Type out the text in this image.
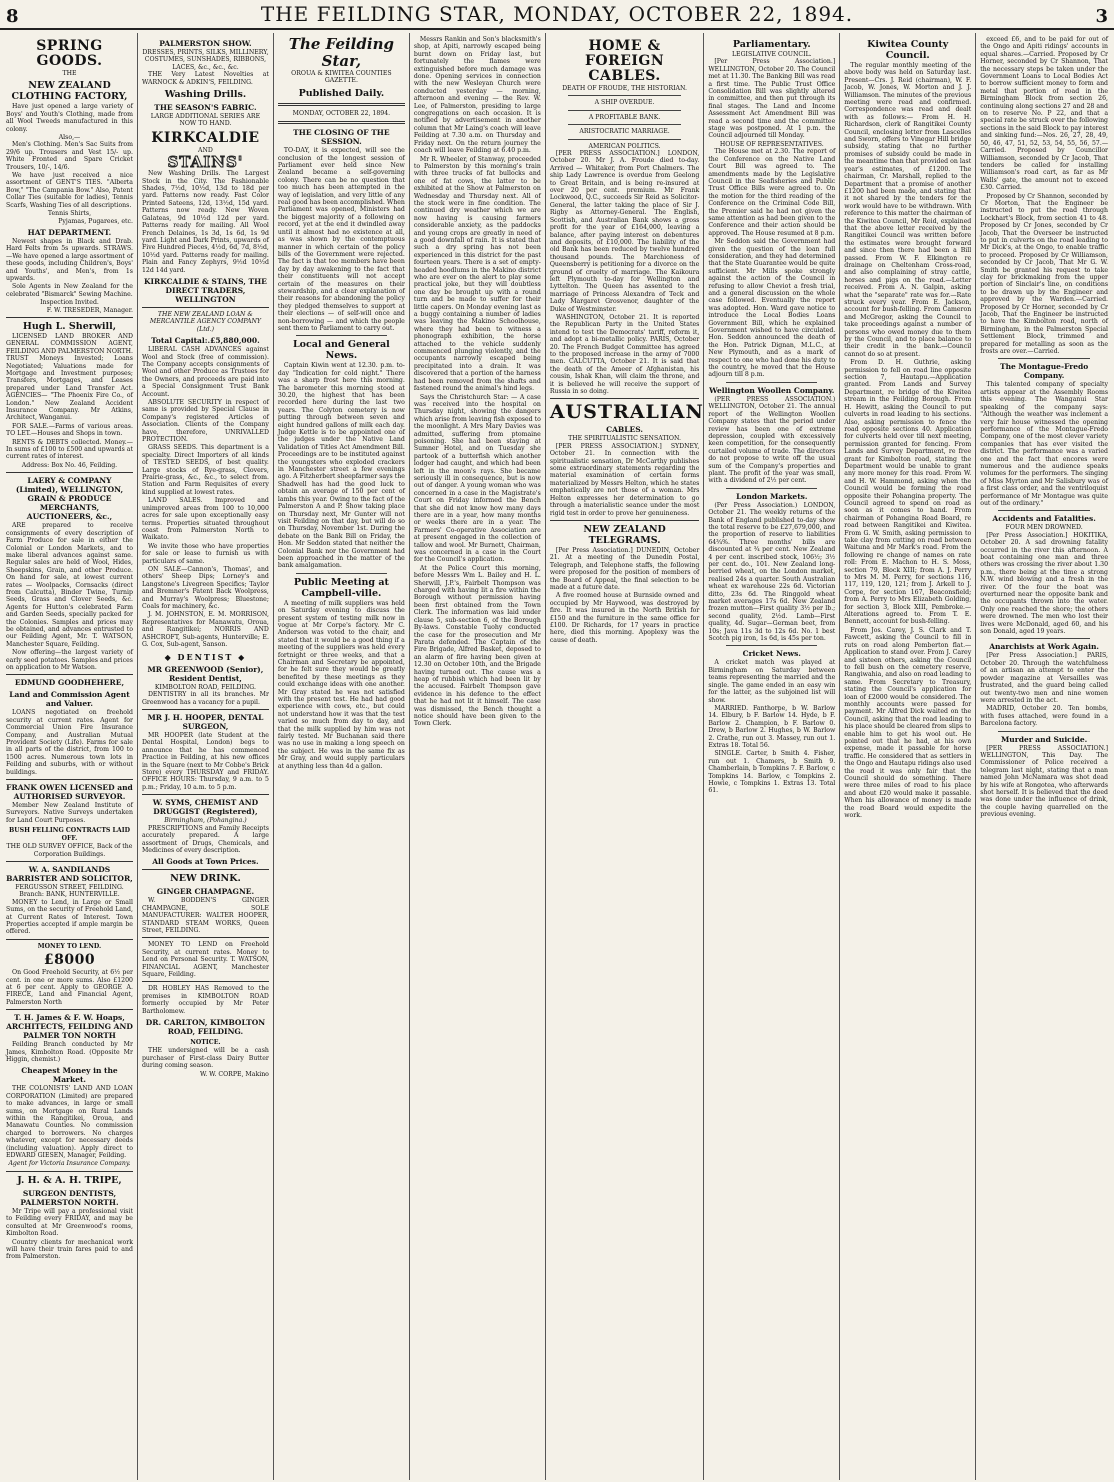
8	THE FEILDING STAR, MONDAY, OCTOBER 22, 1894.	3
SPRING GOODS.
THE
NEW ZEALAND CLOTHING FACTORY,

Have just opened a large variety of Boys' and Youth's Clothing, made from all Wool Tweeds manufactured in this colony.

Also,—

Men's Clothing. Men's Sac Suits from 29/6 up. Trousers and Vest 15/- up. White Fronted and Spare Cricket Trousers, 10/-, 14/6.

We have just received a nice assortment of GENT'S TIES. "Alberta Bow," "The Campania Bow." Also, Patent Collar Ties (suitable for ladies), Tennis Scarfs, Washing Ties of all descriptions.

Tennis Shirts,
Pyjamas, Pugarees, etc.
HAT DEPARTMENT.

Newest shapes in Black and Drab. Hard Felts from 5s upwards. STRAWS.—We have opened a large assortment of these goods, including Children's, Boys' and Youths', and Men's, from 1s upwards.

Sole Agents in New Zealand for the celebrated "Bismarck" Sewing Machine.

Inspection Invited.
F. W. TRESEDER, Manager.
Hugh L. Sherwill,

LICENSED LAND BROKER AND GENERAL COMMISSION AGENT, FEILDING AND PALMERSTON NORTH. TRUST Moneys Invested; Loans Negotiated; Valuations made for Mortgage and Investment purposes; Transfers, Mortgages, and Leases prepared under Land Transfer Act. AGENCIES— "The Phoenix Fire Co., of London." New Zealand Accident Insurance Company. Mr Atkins, Architect, Wanganui.

FOR SALE.—Farms of various areas. TO LET.—Houses and Shops in town.

RENTS & DEBTS collected. Money.—In sums of £100 to £500 and upwards at current rates of interest.

Address: Box No. 46, Feilding.
LAERY & COMPANY (Limited), WELLINGTON, GRAIN & PRODUCE MERCHANTS, AUCTIONEERS, &c.,

ARE prepared to receive consignments of every description of Farm Produce for sale in either the Colonial or London Markets, and to make liberal advances against same. Regular sales are held of Wool, Hides, Sheepskins, Grain, and other Produce. On hand for sale, at lowest current rates — Woolpacks, Cornsacks (direct from Calcutta), Binder Twine, Turnip Seeds, Grass and Clover Seeds, &c. Agents for Hutton's celebrated Farm and Garden Seeds, specially packed for the Colonies. Samples and prices may be obtained, and advances entrusted to our Feilding Agent, Mr. T. WATSON, Manchester Square, Feilding.

Now offering—the largest variety of early seed potatoes. Samples and prices on application to Mr Watson.

EDMUND GOODHEHERE,
Land and Commission Agent and Valuer.

LOANS negotiated on freehold security at current rates. Agent for Commercial Union Fire Insurance Company, and Australian Mutual Provident Society (Life). Farms for sale in all parts of the district, from 100 to 1500 acres. Numerous town lots in Feilding and suburbs, with or without buildings.

FRANK OWEN LICENSED and AUTHORISED SURVEYOR.

Member New Zealand Institute of Surveyors. Native Surveys undertaken for Land Court Purposes.

BUSH FELLING CONTRACTS LAID OFF.
THE OLD SURVEY OFFICE, Back of the Corporation Buildings.
W. A. SANDILANDS BARRISTER AND SOLICITOR,
FERGUSSON STREET, FEILDING. Branch: BANK, HUNTERVILLE.

MONEY to Lend, in Large or Small Sums, on the security of Freehold Land, at Current Rates of Interest. Town Properties accepted if ample margin be offered.

MONEY TO LEND.
£8000

On Good Freehold Security, at 6½ per cent. in one or more sums. Also £1200 at 6 per cent. Apply to GEORGE A. FIRECE, Land and Financial Agent, Palmerston North

T. H. James & F. W. Hoaps, ARCHITECTS, FEILDING AND PALMER TON NORTH

Feilding Branch conducted by Mr James, Kimbolton Road. (Opposite Mr Higgin, chemist.)

Cheapest Money in the Market.

THE COLONISTS' LAND AND LOAN CORPORATION (Limited) are prepared to make advances, in large or small sums, on Mortgage on Rural Lands within the Rangitikei, Oroua, and Manawatu Counties. No commission charged to borrowers. No charges whatever, except for necessary deeds (including valuation). Apply direct to EDWARD GIESEN, Manager, Feilding.

Agent for Victoria Insurance Company.
J. H. & A. H. TRIPE,
SURGEON DENTISTS, PALMERSTON NORTH.

Mr Tripe will pay a professional visit to Feilding every FRIDAY, and may be consulted at Mr Greenwood's rooms, Kimbolton Road.

Country clients for mechanical work will have their train fares paid to and from Palmerston.

PALMERSTON SHOW.
DRESSES, PRINTS, SILKS, MILLINERY, COSTUMES, SUNSHADES, RIBBONS, LACES, &c., &c., &c.

THE Very Latest Novelties at WARNOCK & ADKIN'S, FEILDING.

Washing Drills.
THE SEASON'S FABRIC.
LARGE ADDITIONAL SERIES ARE NOW TO HAND.
KIRKCALDIE
AND
STAINS'

New Washing Drills. The Largest Stock in the City. The Fashionable Shades, 7½d, 10½d, 13d to 18d per yard. Patterns now ready. Fast Color Printed Sateens, 12d, 13½d, 15d yard. Patterns now ready. New Woven Galateas, 9d 10½d 12d per yard. Patterns ready for mailing. All Wool French Delaines, 1s 3d, 1s 6d, 1s 9d yard. Light and Dark Prints, upwards of Five Hundred Pieces, 4½d, 6d, 7d, 8½d, 10½d yard. Patterns ready for mailing. Plain and Fancy Zephyrs, 9½d 10½d 12d 14d yard.

KIRKCALDIE & STAINS, THE DIRECT TRADERS, WELLINGTON
THE NEW ZEALAND LOAN & MERCANTILE AGENCY COMPANY (Ltd.)
Total Capital:.£5,880,000.

LIBERAL CASH ADVANCES against Wool and Stock (free of commission). The Company accepts consignments of Wool and other Produce as Trustees for the Owners, and proceeds are paid into a Special Consignment Trust Bank Account.

ABSOLUTE SECURITY in respect of same is provided by Special Clause in Company's registered Articles of Association. Clients of the Company have, therefore, UNRIVALLED PROTECTION.

GRASS SEEDS. This department is a specialty. Direct Importers of all kinds of TESTED SEEDS, of best quality. Large stocks of Rye-grass, Clovers, Prairie-grass, &c., &c., to select from. Station and Farm Requisites of every kind supplied at lowest rates.

LAND SALES. Improved and unimproved areas from 100 to 10,000 acres for sale upon exceptionally easy terms. Properties situated throughout coast from Palmerston North to Waikato.

We invite those who have properties for sale or lease to furnish us with particulars of same.

ON SALE—Cannon's, Thomas', and others' Sheep Dips; Lorney's and Langstone's Livegreen Specifics; Taylor and Bremner's Patent Back Woolpress, and Murray's Woolpress; Bluestone; Coals for machinery, &c.

J. M. JOHNSTON, E. M. MORRISON, Representatives for Manawatu, Oroua, and Rangitikei; NORRIS AND ASHCROFT, Sub-agents, Hunterville; E. G. Cox, Sub-agent, Sanson.

◆ DENTIST ◆
MR GREENWOOD (Senior), Resident Dentist,
KIMBOLTON ROAD, FEILDING.

DENTISTRY in all its branches. Mr Greenwood has a vacancy for a pupil.

MR J. H. HOOPER, DENTAL SURGEON,

MR HOOPER (late Student at the Dental Hospital, London) begs to announce that he has commenced Practice in Feilding, at his new offices in the Square (next to Mr Cobbe's Brick Store) every THURSDAY and FRIDAY. OFFICE HOURS: Thursday, 9 a.m. to 5 p.m.; Friday, 10 a.m. to 5 p.m.

W. SYMS, CHEMIST AND DRUGGIST (Registered),
Birmingham, (Pohangina.)

PRESCRIPTIONS and Family Receipts accurately prepared. A large assortment of Drugs, Chemicals, and Medicines of every description.

All Goods at Town Prices.
NEW DRINK.
GINGER CHAMPAGNE.

W. BODDEN'S GINGER CHAMPAGNE, SOLE MANUFACTURER: WALTER HOOPER, STANDARD STEAM WORKS, Queen Street, FEILDING.

MONEY TO LEND on Freehold Security, at current rates. Money to Lend on Personal Security. T. WATSON, FINANCIAL AGENT, Manchester Square, Feilding.

DR HOBLEY HAS Removed to the premises in KIMBOLTON ROAD formerly occupied by Mr Peter Bartholomew.

DR. CARLTON, KIMBOLTON ROAD, FEILDING.
NOTICE.

THE undersigned will be a cash purchaser of First-class Dairy Butter during coming season.

W. W. CORPE, Makino
The Feilding Star,
OROUA & KIWITEA COUNTIES GAZETTE.
Published Daily.
MONDAY, OCTOBER 22, 1894.
THE CLOSING OF THE SESSION.

TO-DAY, it is expected, will see the conclusion of the longest session of Parliament ever held since New Zealand became a self-governing colony. There can be no question that too much has been attempted in the way of legislation, and very little of any real good has been accomplished. When Parliament was opened, Ministers had the biggest majority of a following on record, yet at the end it dwindled away until it almost had no existence at all, as was shown by the contemptuous manner in which certain of the policy bills of the Government were rejected. The fact is that too members have been day by day awakening to the fact that their constituents will not accept certain of the measures on their stewardship, and a clear explanation of their reasons for abandoning the policy they pledged themselves to support at their elections — of self-will once and non-borrowing — and which the people sent them to Parliament to carry out.

Local and General News.

Captain Kiwin went at 12.30. p.m. to-day "Indication for cold night." There was a sharp frost here this morning. The barometer this morning stood at 30.20, the highest that has been recorded here during the last two years. The Colyton cemetery is now putting through between seven and eight hundred gallons of milk each day. Judge Kettle is to be appointed one of the judges under the Native Land Validation of Titles Act Amendment Bill. Proceedings are to be instituted against the youngsters who exploded crackers in Manchester street a few evenings ago. A Fitzherbert sheepfarmer says the Shadwell has had the good luck to obtain an average of 150 per cent of lambs this year. Owing to the fact of the Palmerston A and P. Show taking place on Thursday next, Mr Gunter will not visit Feilding on that day, but will do so on Thursday, November 1st. During the debate on the Bank Bill on Friday, the Hon. Mr Seddon stated that neither the Colonial Bank nor the Government had been approached in the matter of the bank amalgamation.

Public Meeting at Campbell-ville.

A meeting of milk suppliers was held on Saturday evening to discuss the present system of testing milk now in vogue at Mr Corpe's factory. Mr C. Anderson was voted to the chair, and stated that it would be a good thing if a meeting of the suppliers was held every fortnight or three weeks, and that a Chairman and Secretary be appointed, for he felt sure they would be greatly benefited by these meetings as they could exchange ideas with one another. Mr Gray stated he was not satisfied with the present test. He had had good experience with cows, etc., but could not understand how it was that the test varied so much from day to day, and that the milk supplied by him was not fairly tested. Mr Buchanan said there was no use in making a long speech on the subject. He was in the same fix as Mr Gray, and would supply particulars at anything less than 4d a gallon.

Messrs Rankin and Son's blacksmith's shop, at Apiti, narrowly escaped being burnt down on Friday last, but fortunately the flames were extinguished before much damage was done. Opening services in connection with the new Wesleyan Church were conducted yesterday — morning, afternoon and evening — the Rev. W. Lee, of Palmerston, presiding to large congregations on each occasion. It is notified by advertisement in another column that Mr Laing's coach will leave Feilding at 7.30 a.m. on Thursday and Friday next. On the return journey the coach will leave Feilding at 6.40 p.m.

Mr R. Wheeler, of Stanway, proceeded to Palmerston by this morning's train with three trucks of fat bullocks and one of fat cows, the latter to be exhibited at the Show at Palmerston on Wednesday and Thursday next. All of the stock were in fine condition. The continued dry weather which we are now having is causing farmers considerable anxiety, as the paddocks and young crops are greatly in need of a good downfall of rain. It is stated that such a dry spring has not been experienced in this district for the past fourteen years. There is a set of empty-headed hoodlums in the Makino district who are ever on the alert to play some practical joke, but they will doubtless one day be brought up with a round turn and be made to suffer for their little capers. On Monday evening last as a buggy containing a number of ladies was leaving the Makino Schoolhouse, where they had been to witness a phonograph exhibition, the horse attached to the vehicle suddenly commenced plunging violently, and the occupants narrowly escaped being precipitated into a drain. It was discovered that a portion of the harness had been removed from the shafts and fastened round the animal's hind legs.

Says the Christchurch Star: — A case was received into the hospital on Thursday night, showing the dangers which arise from leaving fish exposed to the moonlight. A Mrs Mary Davies was admitted, suffering from ptomaine poisoning. She had been staying at Sumner Hotel, and on Tuesday she partook of a butterfish which another lodger had caught, and which had been left in the moon's rays. She became seriously ill in consequence, but is now out of danger. A young woman who was concerned in a case in the Magistrate's Court on Friday informed the Bench that she did not know how many days there are in a year, how many months or weeks there are in a year. The Farmers' Co-operative Association are at present engaged in the collection of tallow and wool. Mr Burnett, Chairman, was concerned in a case in the Court for the Council's application.

At the Police Court this morning, before Messrs Wm L. Bailey and H. L. Sherwill, J.P.'s, Fairbelt Thompson was charged with having lit a fire within the Borough without permission having been first obtained from the Town Clerk. The information was laid under clause 5, sub-section 6, of the Borough By-laws. Constable Tuohy conducted the case for the prosecution and Mr Parata defended. The Captain of the Fire Brigade, Alfred Basket, deposed to an alarm of fire having been given at 12.30 on October 10th, and the Brigade having turned out. The cause was a heap of rubbish which had been lit by the accused. Fairbelt Thompson gave evidence in his defence to the effect that he had not lit it himself. The case was dismissed, the Bench thought a notice should have been given to the Town Clerk.

HOME & FOREIGN CABLES.
DEATH OF FROUDE, THE HISTORIAN.
A SHIP OVERDUE.
A PROFITABLE BANK.
ARISTOCRATIC MARRIAGE.
AMERICAN POLITICS.

[PER PRESS ASSOCIATION.] LONDON, October 20. Mr J. A. Froude died to-day. Arrived — Whitaker, from Port Chalmers. The ship Lady Lawrence is overdue from Geelong to Great Britain, and is being re-insured at over 20 per cent. premium. Mr Frank Lockwood, Q.C., succeeds Sir Reid as Solicitor-General, the latter taking the place of Sir J. Rigby as Attorney-General. The English, Scottish, and Australian Bank shows a gross profit for the year of £164,000, leaving a balance, after paying interest on debentures and deposits, of £10,000. The liability of the old Bank has been reduced by twelve hundred thousand pounds. The Marchioness of Queensberry is petitioning for a divorce on the ground of cruelty of marriage. The Kaikoura left Plymouth to-day for Wellington and Lyttelton. The Queen has assented to the marriage of Princess Alexandra of Teck and Lady Margaret Grosvenor, daughter of the Duke of Westminster.

WASHINGTON, October 21. It is reported the Republican Party in the United States intend to test the Democrats' tariff, reform it, and adopt a bi-metallic policy. PARIS, October 20. The French Budget Committee has agreed to the proposed increase in the army of 7000 men. CALCUTTA, October 21. It is said that the death of the Ameer of Afghanistan, his cousin, Ishak Khan, will claim the throne, and it is believed he will receive the support of Russia in so doing.

AUSTRALIAN
CABLES.
THE SPIRITUALISTIC SENSATION.

[PER PRESS ASSOCIATION.] SYDNEY, October 21. In connection with the spiritualistic sensation, Dr McCarthy publishes some extraordinary statements regarding the material examination of certain forms materialized by Messrs Helton, which he states emphatically are not those of a woman. Mrs Helton expresses her determination to go through a materialistic seance under the most rigid test in order to prove her genuineness.

NEW ZEALAND TELEGRAMS.

[Per Press Association.] DUNEDIN, October 21. At a meeting of the Dunedin Postal, Telegraph, and Telephone staffs, the following were proposed for the position of members of the Board of Appeal, the final selection to be made at a future date.

A five roomed house at Burnside owned and occupied by Mr Haywood, was destroyed by fire. It was insured in the North British for £150 and the furniture in the same office for £100. Dr Richards, for 17 years in practice here, died this morning. Apoplexy was the cause of death.

Parliamentary.
LEGISLATIVE COUNCIL.

[Per Press Association.] WELLINGTON, October 20. The Council met at 11.30. The Banking Bill was read a first time. The Public Trust Office Consolidation Bill was slightly altered in committee, and then put through its final stages. The Land and Income Assessment Act Amendment Bill was read a second time and the committee stage was postponed. At 1 p.m. the Council adjourned till Monday.

HOUSE OF REPRESENTATIVES.

The House met at 2.30. The report of the Conference on the Native Land Court Bill was agreed to. The amendments made by the Legislative Council in the Seafisheries and Public Trust Office Bills were agreed to. On the motion for the third reading of the Conference on the Criminal Code Bill, the Premier said he had not given the same attention as had been given to the Conference and their action should be approved. The House resumed at 8 p.m.

Mr Seddon said the Government had given the question of the loan full consideration, and they had determined that the State Guarantee would be quite sufficient. Mr Mills spoke strongly against the action of the Council in refusing to allow Cheviot a fresh trial, and a general discussion on the whole case followed. Eventually the report was adopted. Hon. Ward gave notice to introduce the Local Bodies Loans Government Bill, which he explained Government wished to have circulated. Hon. Seddon announced the death of the Hon. Patrick Dignan, M.L.C., at New Plymouth, and as a mark of respect to one who had done his duty to the country, he moved that the House adjourn till 8 p.m.

Wellington Woollen Company.

(PER PRESS ASSOCIATION.) WELLINGTON, October 21. The annual report of the Wellington Woollen Company states that the period under review has been one of extreme depression, coupled with excessively keen competition, for the consequently curtailed volume of trade. The directors do not propose to write off the usual sum of the Company's properties and plant. The profit of the year was small, with a dividend of 2½ per cent.

London Markets.

(Per Press Association.) LONDON, October 21. The weekly returns of the Bank of England published to-day show the total reserve to be £27,679,000, and the proportion of reserve to liabilities 64¾%. Three months' bills are discounted at ¾ per cent. New Zealand 4 per cent. inscribed stock, 106½; 3½ per cent. do., 101. New Zealand long-berried wheat, on the London market, realised 24s a quarter. South Australian wheat ex warehouse 22s 6d. Victorian ditto, 23s 6d. The Ringgold wheat market averages 17s 6d. New Zealand frozen mutton—First quality 3½ per lb.; second quality, 2½d. Lamb—First quality, 4d. Sugar—German beet, from 10s; Java 11s 3d to 12s 6d. No. 1 best Scotch pig iron, 1s 6d, is 45s per ton.

Cricket News.

A cricket match was played at Birmingham on Saturday between teams representing the married and the single. The game ended in an easy win for the latter, as the subjoined list will show.

MARRIED. Fanthorpe, b W. Barlow 14. Elbury, b F. Barlow 14. Hyde, b F. Barlow 2. Champion, b F. Barlow 0. Drew, b Barlow 2. Hughes, b W. Barlow 2. Crathe, run out 3. Massey, run out 1. Extras 18. Total 56.

SINGLE. Carter, b Smith 4. Fisher, run out 1. Chamers, b Smith 9. Chamberlain, b Tompkins 7. F. Barlow, c Tompkins 14. Barlow, c Tompkins 2. Howie, c Tompkins 1. Extras 13. Total 61.

Kiwitea County Council.

The regular monthly meeting of the above body was held on Saturday last. Present—Crs. J. Reid (chairman), W. F. Jacob, W. Jones, W. Morton and J. J. Williamson. The minutes of the previous meeting were read and confirmed. Correspondence was read and dealt with as follows:— From H. H. Richardson, clerk of Rangitikei County Council, enclosing letter from Lascelles and Sworn, offers to Vinegar Hill bridge subsidy, stating that no further promises of subsidy could be made in the meantime than that provided on last year's estimates, of £1200. The chairman, Cr. Marshall, replied to the Department that a promise of another £1200 had been made, and stating that it not shared by the tenders for the work would have to be withdrawn. With reference to this matter the chairman of the Kiwitea Council, Mr Reid, explained that the above letter received by the Rangitikei Council was written before the estimates were brought forward and since then there had been a Bill passed. From W. F. Elkington re drainage on Cheltenham Cross-road, and also complaining of stray cattle, horses and pigs on the road.—Letter received. From A. N. Galpin, asking what the "separate" rate was for.—Rate struck every year. From E. Jackson, account for bush-felling. From Cameron and McGregor, asking the Council to take proceedings against a number of persons who owed money due to them by the Council, and to place balance to their credit in the bank.—Council cannot do so at present.

From D. H. Guthrie, asking permission to fell on road line opposite section 7, Hautapu.—Application granted. From Lands and Survey Department, re bridge of the Kiwitea stream in the Feilding Borough. From H. Hewitt, asking the Council to put culverts in road leading to his sections. Also, asking permission to fence the road opposite sections 40. Application for culverts held over till next meeting, permission granted for fencing. From Lands and Survey Department, re free grant for Kimbolton road, stating the Department would be unable to grant any more money for this road. From W. and H. W. Hammond, asking when the Council would be forming the road opposite their Pohangina property. The Council agreed to spend on road as soon as it comes to hand. From chairman of Pohangina Road Board, re road between Rangitikei and Kiwitea. From G. W. Smith, asking permission to take clay from cutting on road between Waituna and Mr Mark's road. From the following re change of names on rate roll: From E. Machon to H. S. Moss, section 79, Block XIII; from A. J. Perry to Mrs M. M. Perry, for sections 116, 117, 119, 120, 121; from J. Arkell to J. Corpe, for section 167, Beaconsfield; from A. Perry to Mrs Elizabeth Golding, for section 3, Block XIII, Pembroke.—Alterations agreed to. From T. E. Bennett, account for bush-felling.

From Jos. Carey, J. S. Clark and T. Fawcett, asking the Council to fill in ruts on road along Pemberton flat.—Application to stand over. From J. Carey and sixteen others, asking the Council to fell bush on the cemetery reserve, Rangiwahia, and also on road leading to same. From Secretary to Treasury, stating the Council's application for loan of £2000 would be considered. The monthly accounts were passed for payment. Mr Alfred Dick waited on the Council, asking that the road leading to his place should be cleared from slips to enable him to get his wool out. He pointed out that he had, at his own expense, made it passable for horse traffic. He considered that as settlers in the Ongo and Hautapu ridings also used the road it was only fair that the Council should do something. There were three miles of road to his place and about £20 would make it passable. When his allowance of money is made the road Board would expedite the work.

exceed £6, and to be paid for out of the Ongo and Apiti ridings' accounts in equal shares.—Carried. Proposed by Cr Horner, seconded by Cr Shannon, That the necessary steps be taken under the Government Loans to Local Bodies Act to borrow sufficient money to form and metal that portion of road in the Birmingham Block from section 26, continuing along sections 27 and 28 and on to reserve No. P 22, and that a special rate be struck over the following sections in the said Block to pay interest and sinking fund:—Nos. 26, 27, 28, 49, 50, 46, 47, 51, 52, 53, 54, 55, 56, 57.—Carried. Proposed by Councillor Williamson, seconded by Cr Jacob, That tenders be called for installing Williamson's road cart, as far as Mr Walls' gate, the amount not to exceed £30. Carried.

Proposed by Cr Shannon, seconded by Cr Morton, That the Engineer be instructed to put the road through Lockhart's Block, from section 41 to 48. Proposed by Cr Jones, seconded by Cr Jacob, That the Overseer be instructed to put in culverts on the road leading to Mr Dick's, at the Ongo, to enable traffic to proceed. Proposed by Cr Williamson, seconded by Cr Jacob, That Mr G. W. Smith be granted his request to take clay for brickmaking from the upper portion of Sinclair's line, on conditions to be drawn up by the Engineer and approved by the Warden.—Carried. Proposed by Cr Horner, seconded by Cr Jacob, That the Engineer be instructed to have the Kimbolton road, north of Birmingham, in the Palmerston Special Settlement Block, trimmed and prepared for metalling as soon as the frosts are over.—Carried.

The Montague-Fredo Company.

This talented company of specialty artists appear at the Assembly Rooms this evening. The Wanganui Star speaking of the company says: "Although the weather was inclement a very fair house witnessed the opening performance of the Montague-Fredo Company, one of the most clever variety companies that has ever visited the district. The performance was a varied one and the fact that encores were numerous and the audience speaks volumes for the performers. The singing of Miss Myrton and Mr Salisbury was of a first class order, and the ventriloquist performance of Mr Montague was quite out of the ordinary."

Accidents and Fatalities.
FOUR MEN DROWNED.

[Per Press Association.] HOKITIKA, October 20. A sad drowning fatality occurred in the river this afternoon. A boat containing one man and three others was crossing the river about 1.30 p.m., there being at the time a strong N.W. wind blowing and a fresh in the river. Of the four the boat was overturned near the opposite bank and the occupants thrown into the water. Only one reached the shore; the others were drowned. The men who lost their lives were McDonald, aged 60, and his son Donald, aged 19 years.

Anarchists at Work Again.

[Per Press Association.] PARIS, October 20. Through the watchfulness of an artisan an attempt to enter the powder magazine at Versailles was frustrated, and the guard being called out twenty-two men and nine women were arrested in the act.

MADRID, October 20. Ten bombs, with fuses attached, were found in a Barcelona factory.

Murder and Suicide.

[PER PRESS ASSOCIATION.] WELLINGTON, This Day. The Commissioner of Police received a telegram last night, stating that a man named John McNamara was shot dead by his wife at Rongotea, who afterwards shot herself. It is believed that the deed was done under the influence of drink, the couple having quarrelled on the previous evening.
